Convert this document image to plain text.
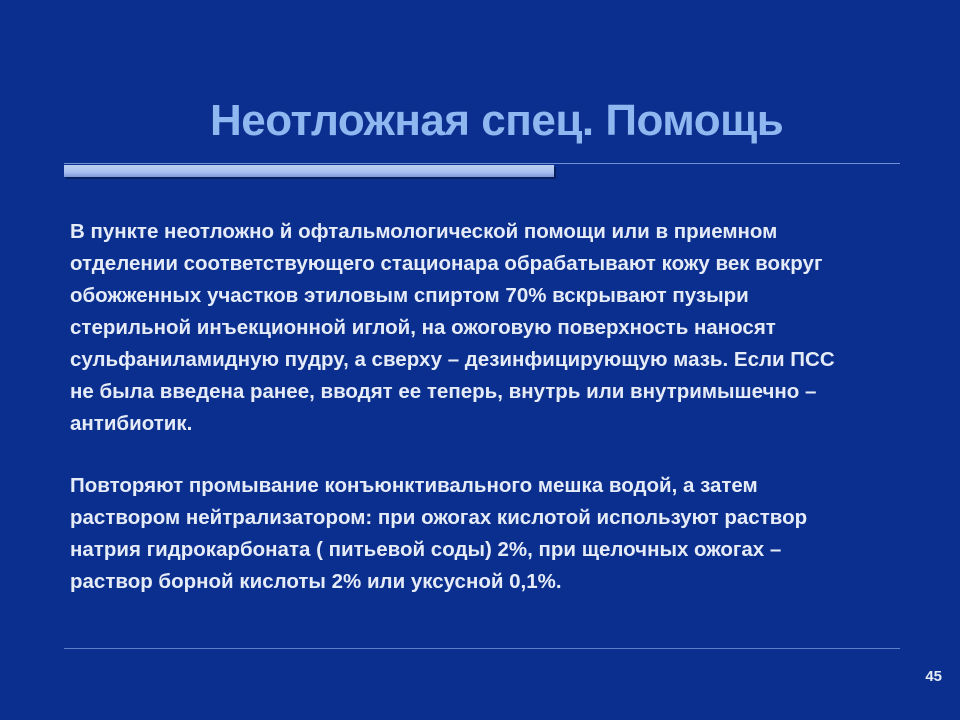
Неотложная спец. Помощь

В пункте неотложно й офтальмологической помощи или в приемном
отделении соответствующего стационара обрабатывают кожу век вокруг
обожженных участков этиловым спиртом 70% вскрывают пузыри
стерильной инъекционной иглой, на ожоговую поверхность наносят
сульфаниламидную пудру, а сверху – дезинфицирующую мазь. Если ПСС
не была введена ранее, вводят ее теперь, внутрь или внутримышечно –
антибиотик.

Повторяют промывание конъюнктивального мешка водой, а затем
раствором нейтрализатором: при ожогах кислотой используют раствор
натрия гидрокарбоната ( питьевой соды) 2%, при щелочных ожогах –
раствор борной кислоты 2% или уксусной 0,1%.

45
